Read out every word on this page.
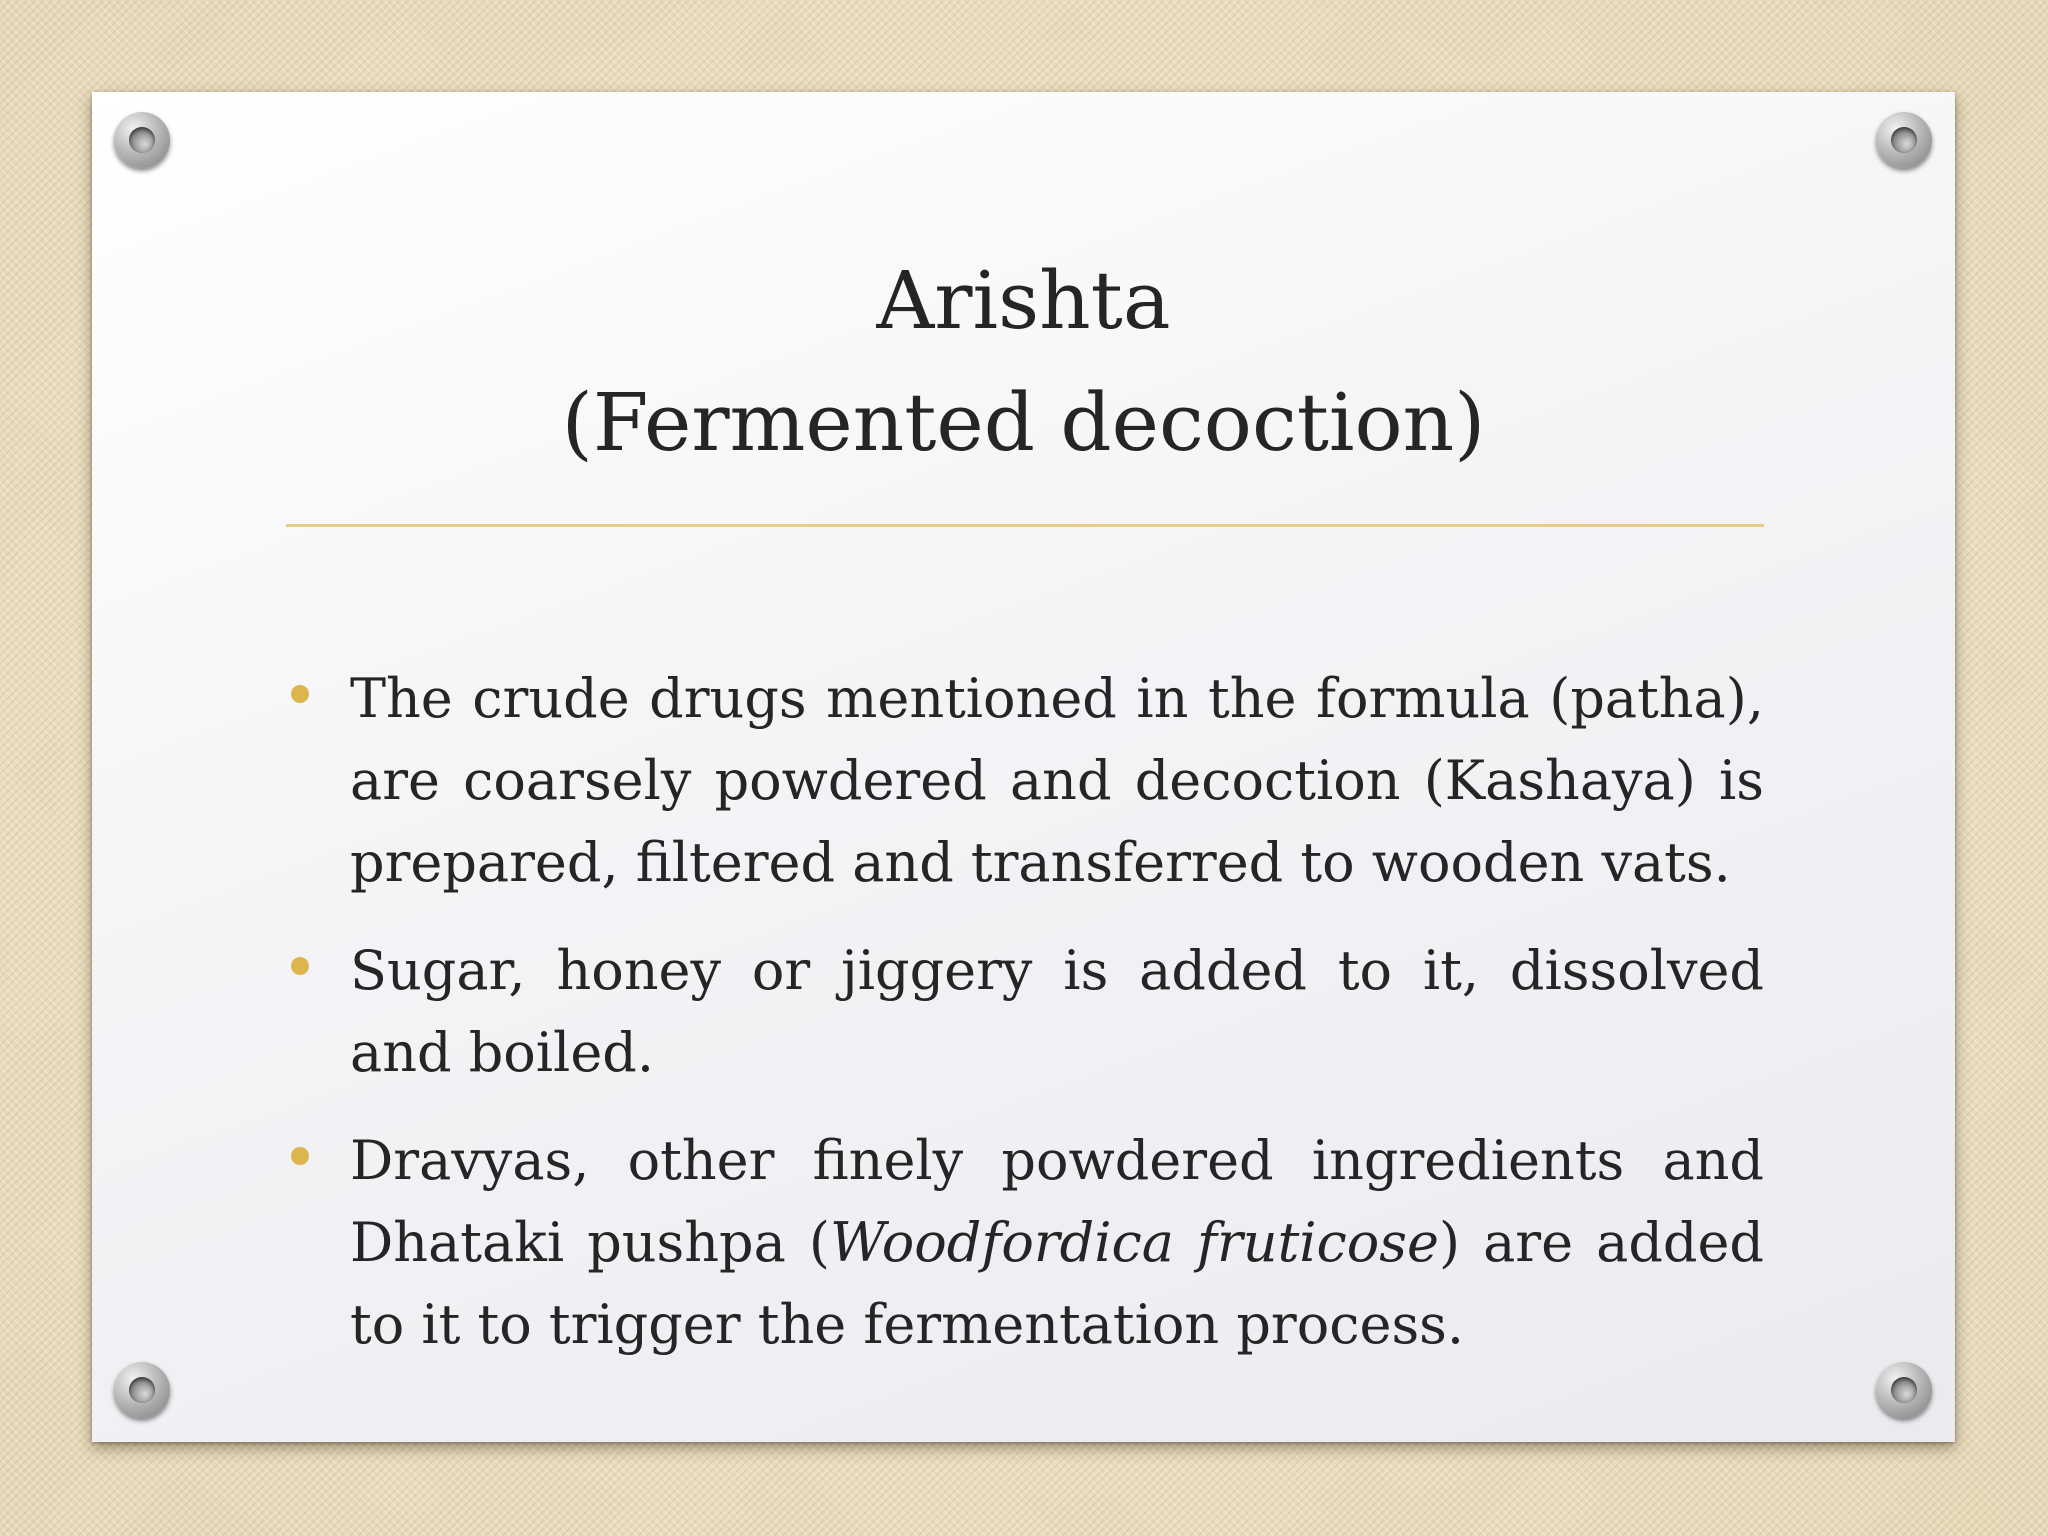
Arishta
(Fermented decoction)
The crude drugs mentioned in the formula (patha), are coarsely powdered and decoction (Kashaya) is prepared, filtered and transferred to wooden vats.
Sugar, honey or jiggery is added to it, dissolved and boiled.
Dravyas, other finely powdered ingredients and Dhataki pushpa (Woodfordica fruticose) are added to it to trigger the fermentation process.
